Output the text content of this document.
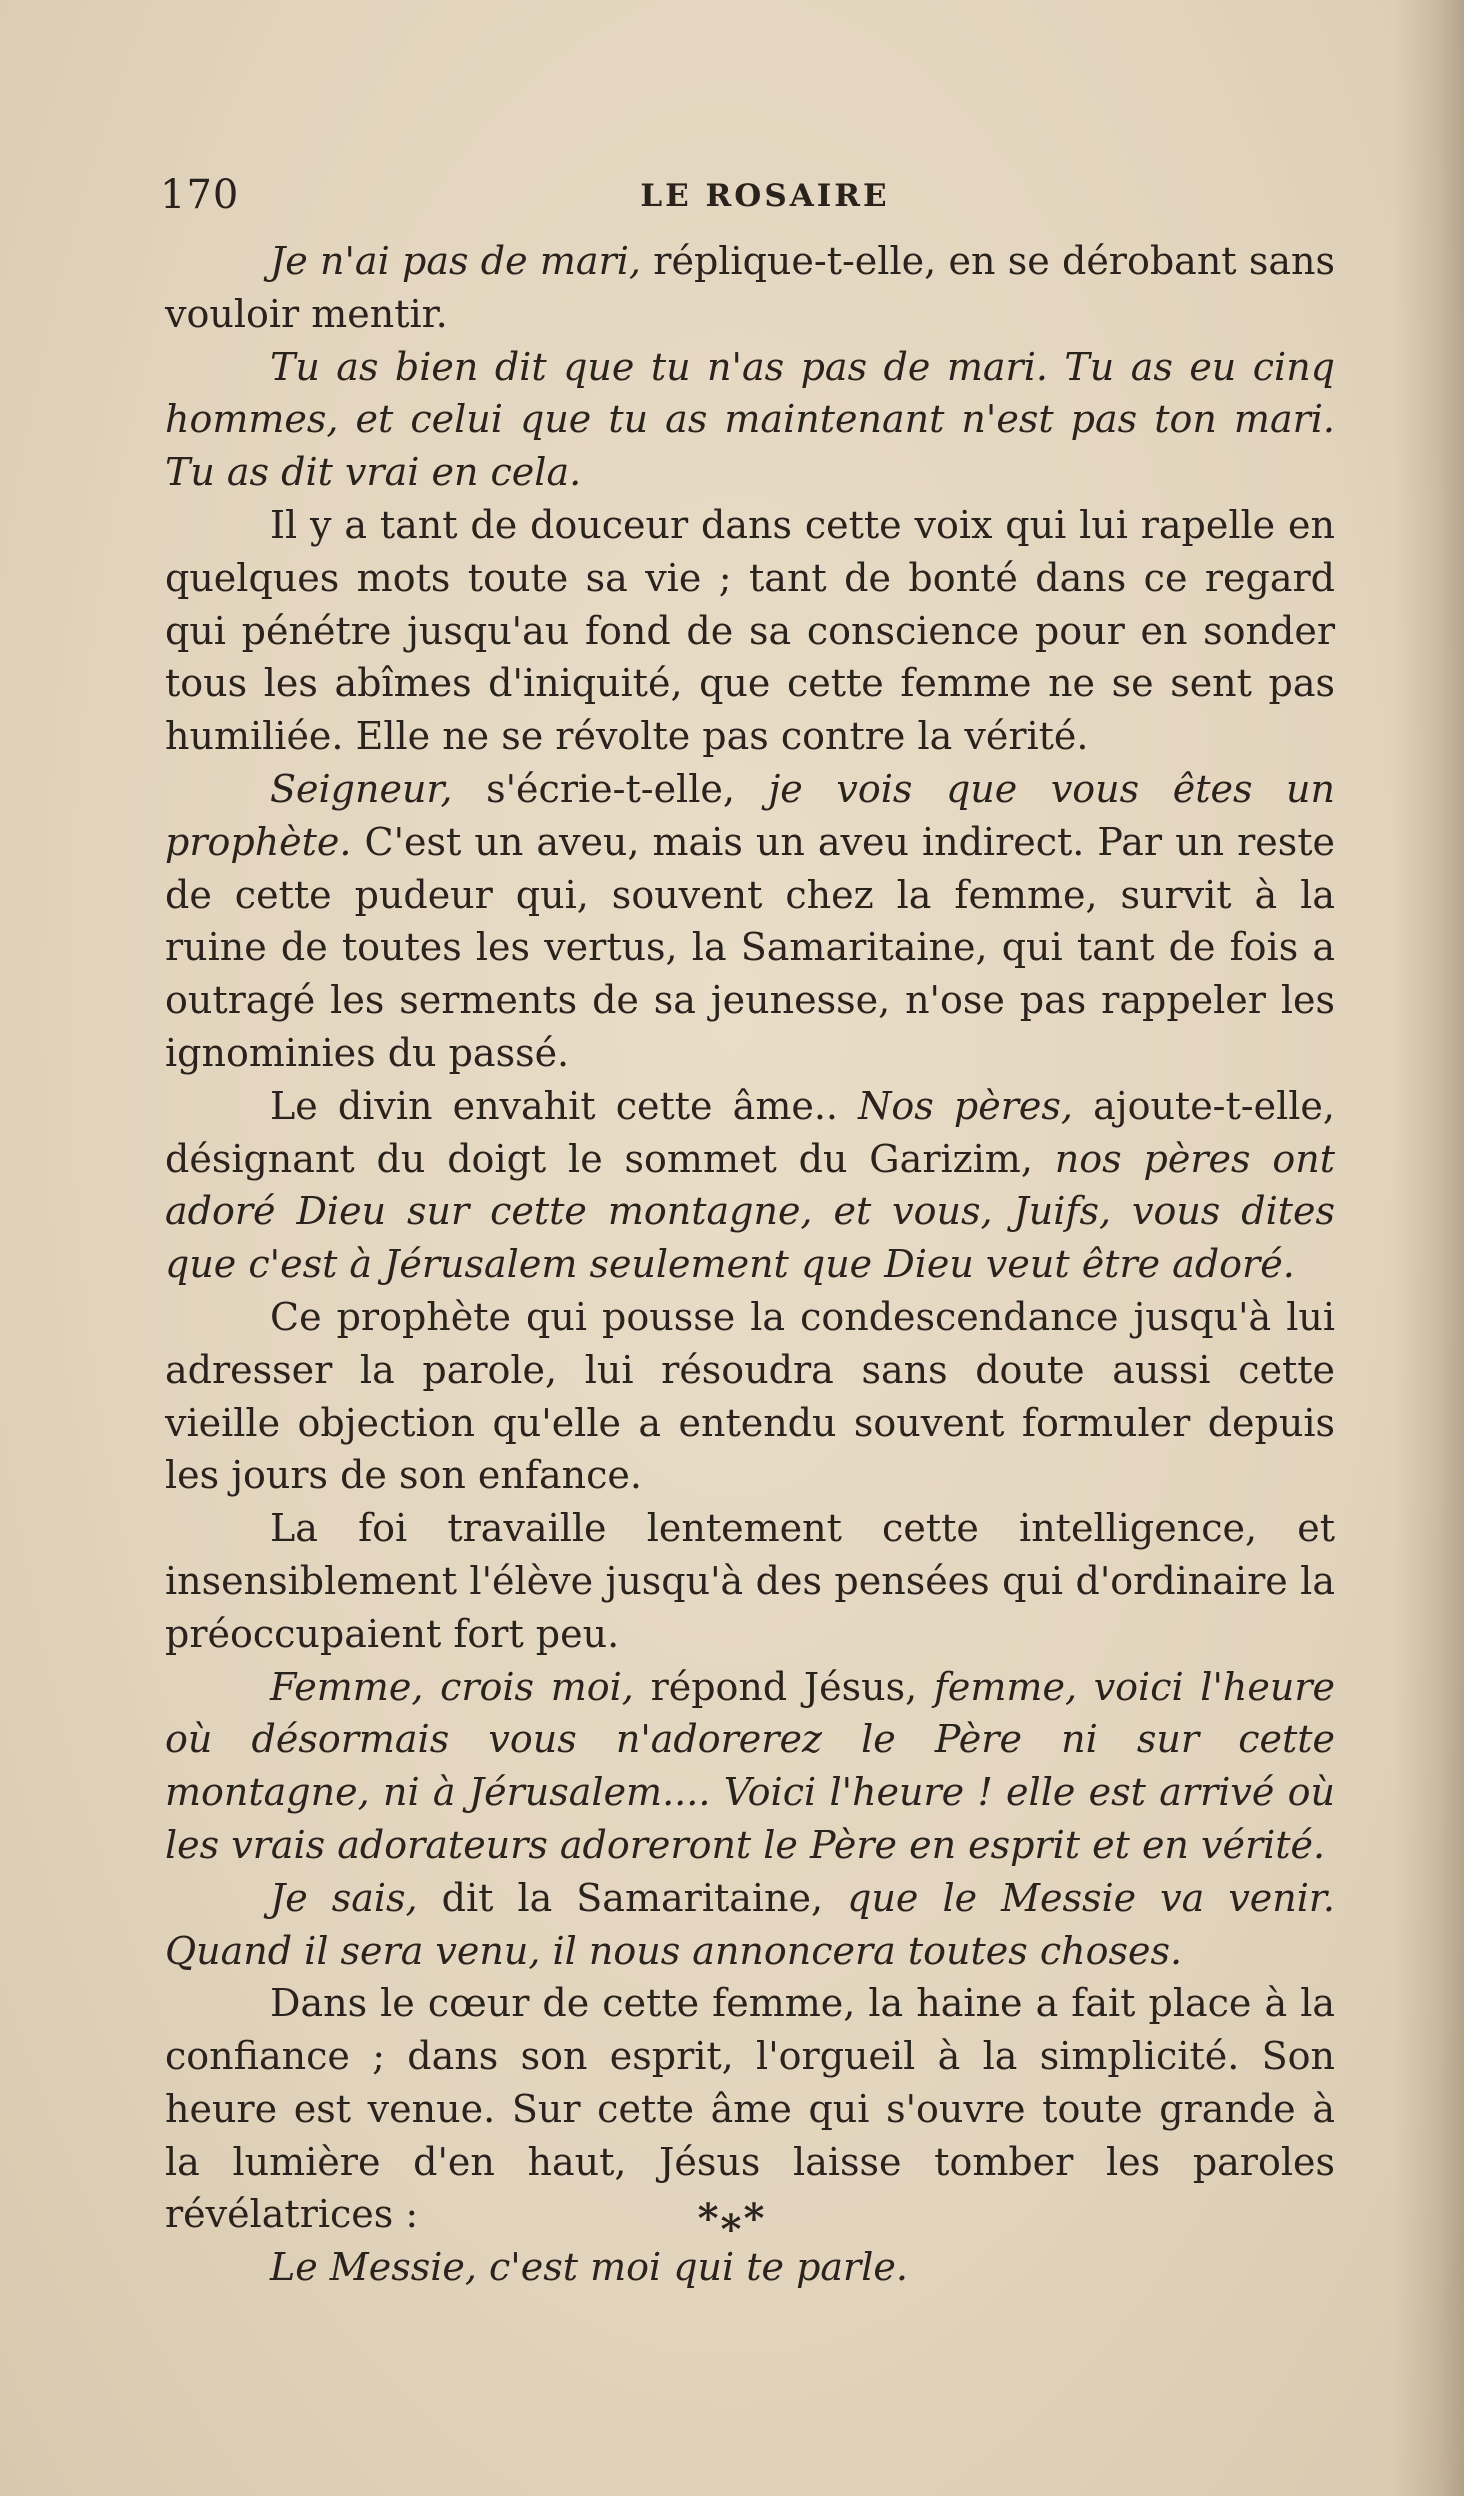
170	LE ROSAIRE

Je n'ai pas de mari, réplique-t-elle, en se dérobant sans vouloir mentir.

Tu as bien dit que tu n'as pas de mari. Tu as eu cinq hommes, et celui que tu as maintenant n'est pas ton mari. Tu as dit vrai en cela.

Il y a tant de douceur dans cette voix qui lui rapelle en quelques mots toute sa vie ; tant de bonté dans ce regard qui pénétre jusqu'au fond de sa conscience pour en sonder tous les abîmes d'iniquité, que cette femme ne se sent pas humiliée. Elle ne se révolte pas contre la vérité.

Seigneur, s'écrie-t-elle, je vois que vous êtes un prophète. C'est un aveu, mais un aveu indirect. Par un reste de cette pudeur qui, souvent chez la femme, survit à la ruine de toutes les vertus, la Samaritaine, qui tant de fois a outragé les serments de sa jeunesse, n'ose pas rappeler les ignominies du passé.

Le divin envahit cette âme.. Nos pères, ajoute-t-elle, désignant du doigt le sommet du Garizim, nos pères ont adoré Dieu sur cette montagne, et vous, Juifs, vous dites que c'est à Jérusalem seulement que Dieu veut être adoré.

Ce prophète qui pousse la condescendance jusqu'à lui adresser la parole, lui résoudra sans doute aussi cette vieille objection qu'elle a entendu souvent formuler depuis les jours de son enfance.

La foi travaille lentement cette intelligence, et insensiblement l'élève jusqu'à des pensées qui d'ordinaire la préoccupaient fort peu.

Femme, crois moi, répond Jésus, femme, voici l'heure où désormais vous n'adorerez le Père ni sur cette montagne, ni à Jérusalem.... Voici l'heure ! elle est arrivé où les vrais adorateurs adoreront le Père en esprit et en vérité.

Je sais, dit la Samaritaine, que le Messie va venir. Quand il sera venu, il nous annoncera toutes choses.

Dans le cœur de cette femme, la haine a fait place à la confiance ; dans son esprit, l'orgueil à la simplicité. Son heure est venue. Sur cette âme qui s'ouvre toute grande à la lumière d'en haut, Jésus laisse tomber les paroles révélatrices :

Le Messie, c'est moi qui te parle.

*⁎*
